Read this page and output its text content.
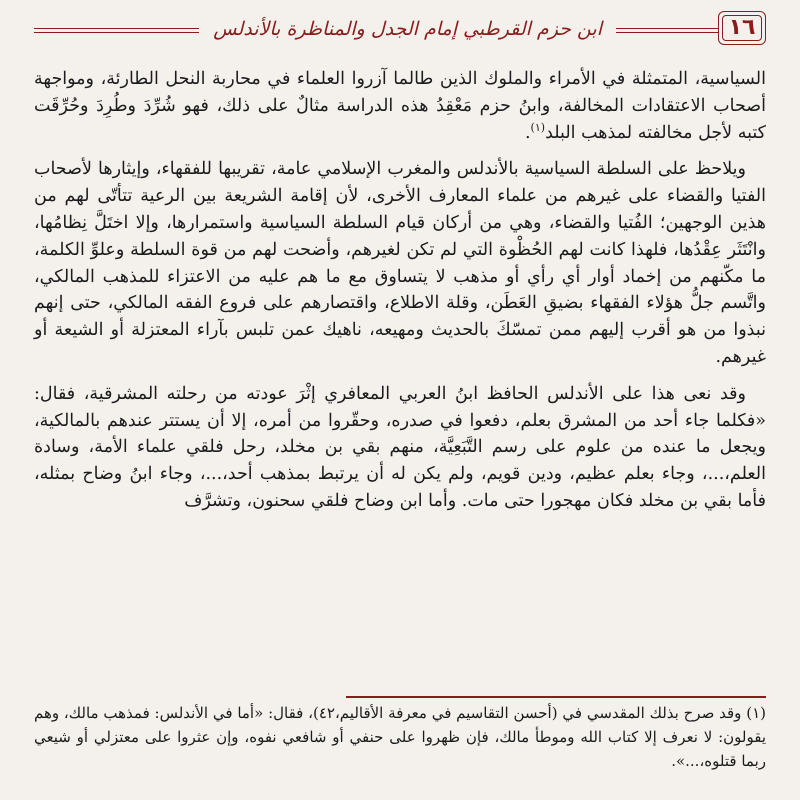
١٦
ابن حزم القرطبي إمام الجدل والمناظرة بالأندلس

السياسية، المتمثلة في الأمراء والملوك الذين طالما آزروا العلماء في محاربة النحل الطارئة، ومواجهة أصحاب الاعتقادات المخالفة، وابنُ حزم مَعْقِدُ هذه الدراسة مثالٌ على ذلك، فهو شُرِّدَ وطُرِدَ وحُرِّقَت كتبه لأجل مخالفته لمذهب البلد$^{(١)}$.

ويلاحظ على السلطة السياسية بالأندلس والمغرب الإسلامي عامة، تقريبها للفقهاء، وإيثارها لأصحاب الفتيا والقضاء على غيرهم من علماء المعارف الأخرى، لأن إقامة الشريعة بين الرعية تتأتّى لهم من هذين الوجهين؛ الفُتيا والقضاء، وهي من أركان قيام السلطة السياسية واستمرارها، وإلا اختَلَّ نِظامُها، وانْتَثَر عِقْدُها، فلهذا كانت لهم الحُظْوة التي لم تكن لغيرهم، وأضحت لهم من قوة السلطة وعلوِّ الكلمة، ما مكّنهم من إخماد أوار أي رأي أو مذهب لا يتساوق مع ما هم عليه من الاعتزاء للمذهب المالكي، واتَّسم جلُّ هؤلاء الفقهاء بضيقِ العَطَن، وقلة الاطلاع، واقتصارهم على فروع الفقه المالكي، حتى إنهم نبذوا من هو أقرب إليهم ممن تمسّكَ بالحديث ومهيعه، ناهيك عمن تلبس بآراء المعتزلة أو الشيعة أو غيرهم.

وقد نعى هذا على الأندلس الحافظ ابنُ العربي المعافري إثْرَ عودته من رحلته المشرقية، فقال: «فكلما جاء أحد من المشرق بعلم، دفعوا في صدره، وحقّروا من أمره، إلا أن يستتر عندهم بالمالكية، ويجعل ما عنده من علوم على رسم التَّبَعِيَّة، منهم بقي بن مخلد، رحل فلقي علماء الأمة، وسادة العلم،...، وجاء بعلم عظيم، ودين قويم، ولم يكن له أن يرتبط بمذهب أحد،...، وجاء ابنُ وضاح بمثله، فأما بقي بن مخلد فكان مهجورا حتى مات. وأما ابن وضاح فلقي سحنون، وتشرَّف

(١) وقد صرح بذلك المقدسي في (أحسن التقاسيم في معرفة الأقاليم،٤٢)، فقال: «أما في الأندلس: فمذهب مالك، وهم يقولون: لا نعرف إلا كتاب الله وموطأ مالك، فإن ظهروا على حنفي أو شافعي نفوه، وإن عثروا على معتزلي أو شيعي ربما قتلوه،...».
